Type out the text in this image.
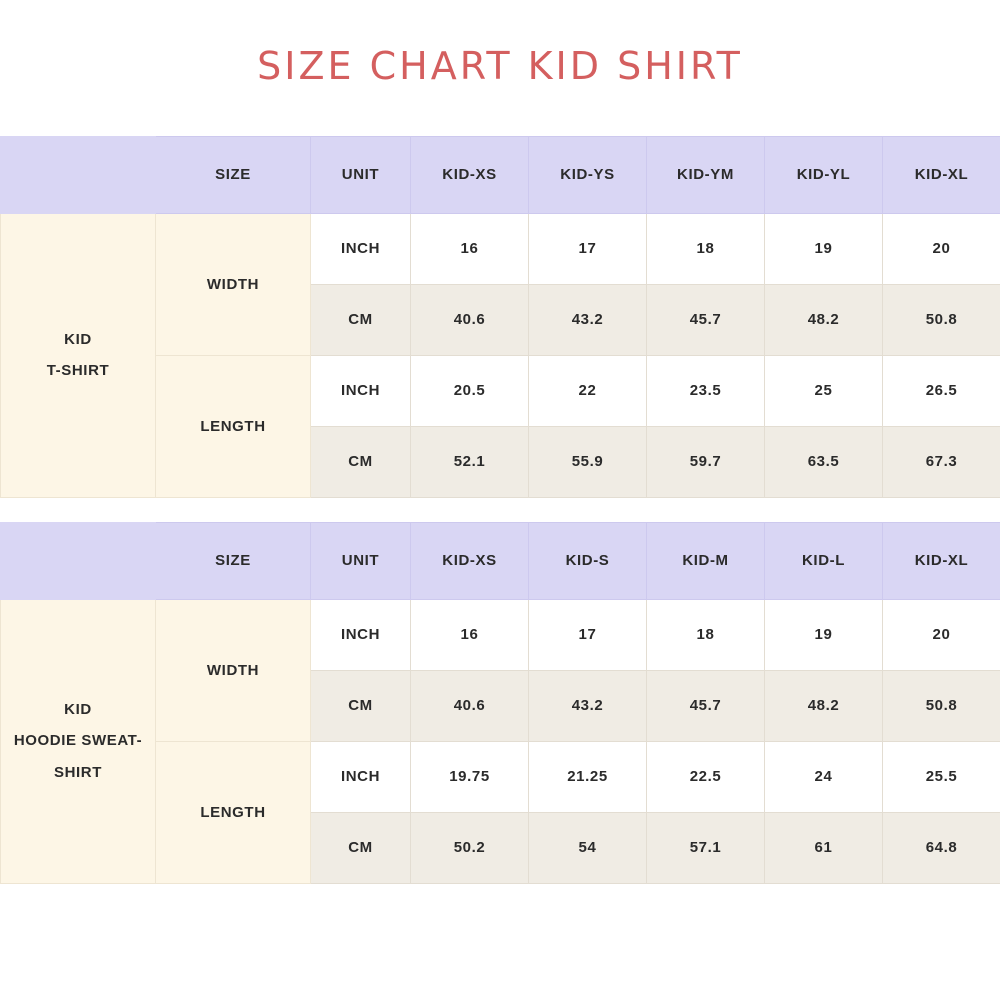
SIZE CHART KID SHIRT
	SIZE	UNIT	KID-XS	KID-YS	KID-YM	KID-YL	KID-XL

KID
T-SHIRT	WIDTH	INCH	16	17	18	19	20
		CM	40.6	43.2	45.7	48.2	50.8
	LENGTH	INCH	20.5	22	23.5	25	26.5
		CM	52.1	55.9	59.7	63.5	67.3
	SIZE	UNIT	KID-XS	KID-S	KID-M	KID-L	KID-XL

KID
HOODIE SWEAT-
SHIRT	WIDTH	INCH	16	17	18	19	20
		CM	40.6	43.2	45.7	48.2	50.8
	LENGTH	INCH	19.75	21.25	22.5	24	25.5
		CM	50.2	54	57.1	61	64.8
